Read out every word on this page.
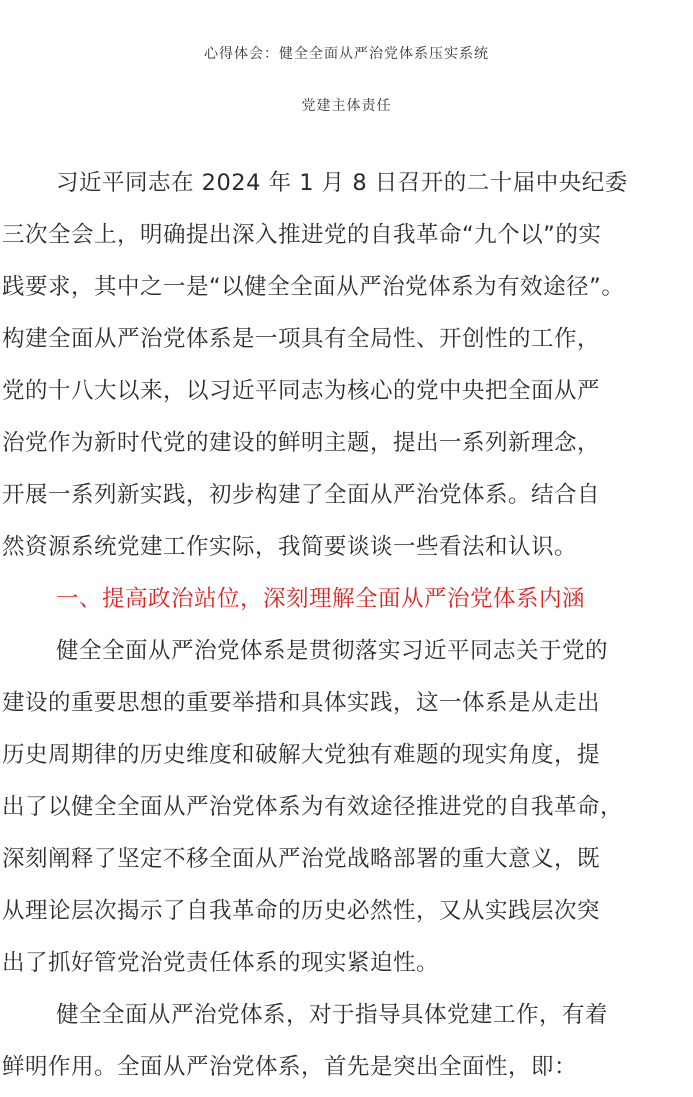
心得体会：健全全面从严治党体系压实系统
党建主体责任
习近平同志在 2024 年 1 月 8 日召开的二十届中央纪委
三次全会上，明确提出深入推进党的自我革命“九个以”的实
践要求，其中之一是“以健全全面从严治党体系为有效途径”。
构建全面从严治党体系是一项具有全局性、开创性的工作，
党的十八大以来，以习近平同志为核心的党中央把全面从严
治党作为新时代党的建设的鲜明主题，提出一系列新理念，
开展一系列新实践，初步构建了全面从严治党体系。结合自
然资源系统党建工作实际，我简要谈谈一些看法和认识。
一、提高政治站位，深刻理解全面从严治党体系内涵
健全全面从严治党体系是贯彻落实习近平同志关于党的
建设的重要思想的重要举措和具体实践，这一体系是从走出
历史周期律的历史维度和破解大党独有难题的现实角度，提
出了以健全全面从严治党体系为有效途径推进党的自我革命，
深刻阐释了坚定不移全面从严治党战略部署的重大意义，既
从理论层次揭示了自我革命的历史必然性，又从实践层次突
出了抓好管党治党责任体系的现实紧迫性。
健全全面从严治党体系，对于指导具体党建工作，有着
鲜明作用。全面从严治党体系，首先是突出全面性，即：
